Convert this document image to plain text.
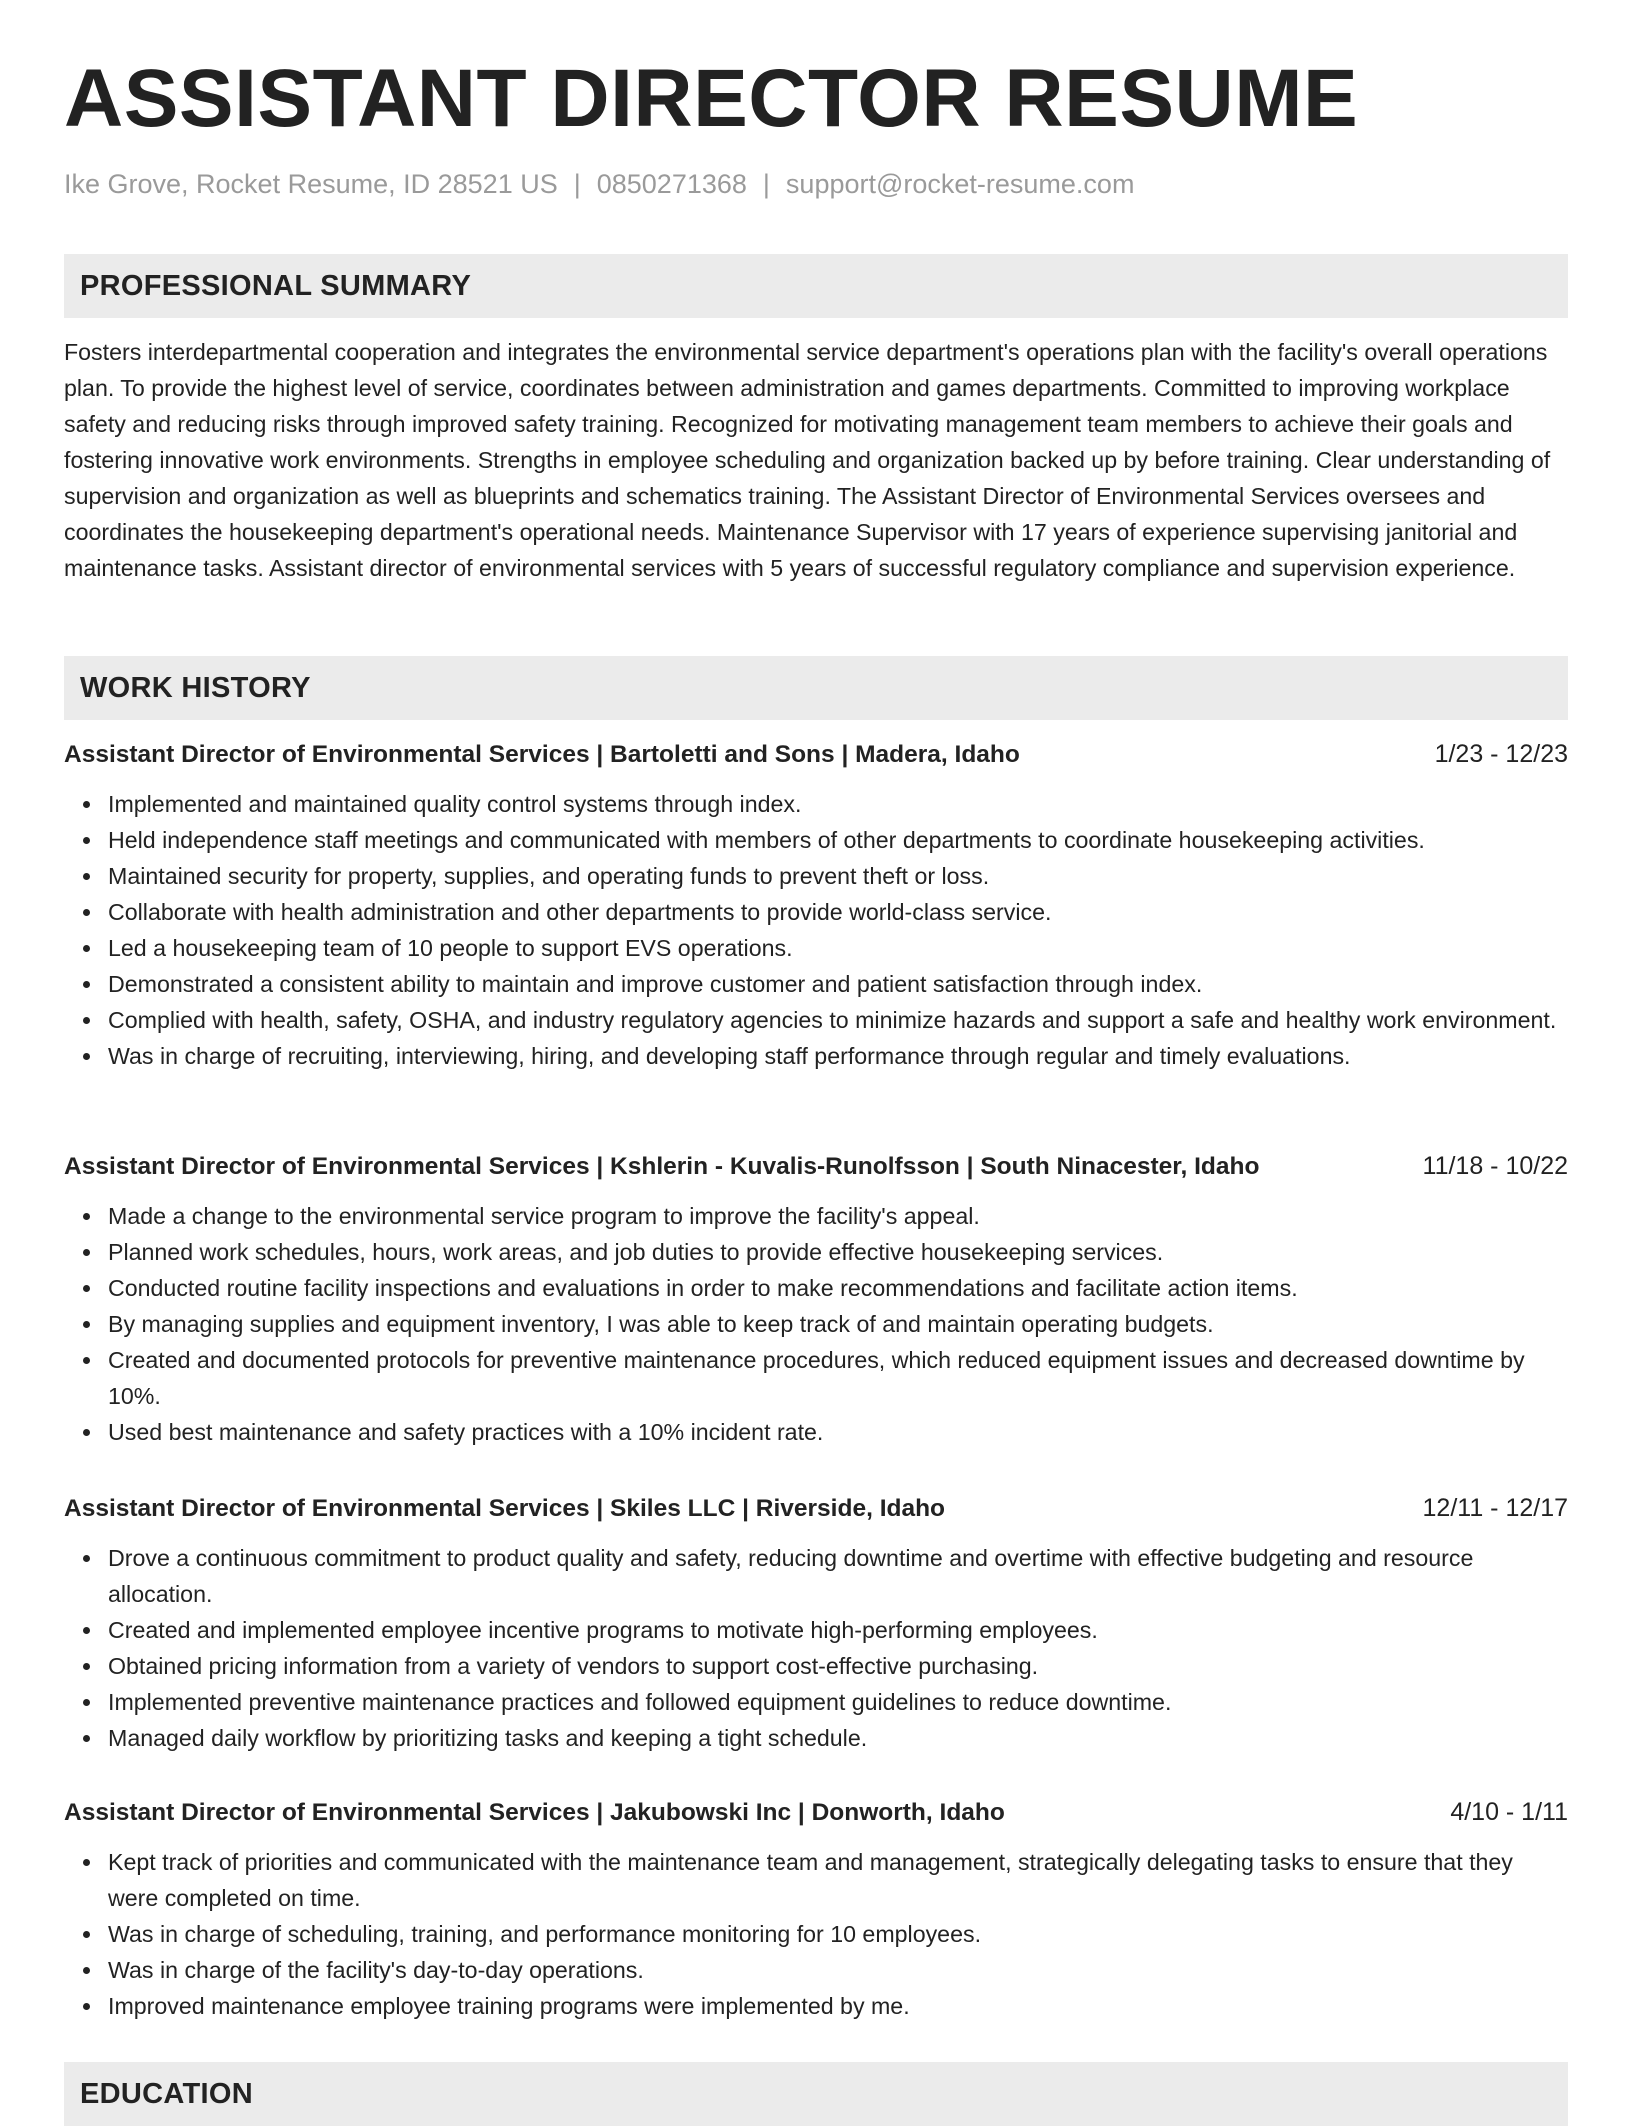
ASSISTANT DIRECTOR RESUME
Ike Grove, Rocket Resume, ID 28521 US | 0850271368 | support@rocket-resume.com
PROFESSIONAL SUMMARY

Fosters interdepartmental cooperation and integrates the environmental service department's operations plan with the facility's overall operations plan. To provide the highest level of service, coordinates between administration and games departments. Committed to improving workplace safety and reducing risks through improved safety training. Recognized for motivating management team members to achieve their goals and fostering innovative work environments. Strengths in employee scheduling and organization backed up by before training. Clear understanding of supervision and organization as well as blueprints and schematics training. The Assistant Director of Environmental Services oversees and coordinates the housekeeping department's operational needs. Maintenance Supervisor with 17 years of experience supervising janitorial and maintenance tasks. Assistant director of environmental services with 5 years of successful regulatory compliance and supervision experience.

WORK HISTORY
Assistant Director of Environmental Services | Bartoletti and Sons | Madera, Idaho	1/23 - 12/23
Implemented and maintained quality control systems through index.
Held independence staff meetings and communicated with members of other departments to coordinate housekeeping activities.
Maintained security for property, supplies, and operating funds to prevent theft or loss.
Collaborate with health administration and other departments to provide world-class service.
Led a housekeeping team of 10 people to support EVS operations.
Demonstrated a consistent ability to maintain and improve customer and patient satisfaction through index.
Complied with health, safety, OSHA, and industry regulatory agencies to minimize hazards and support a safe and healthy work environment.
Was in charge of recruiting, interviewing, hiring, and developing staff performance through regular and timely evaluations.
Assistant Director of Environmental Services | Kshlerin - Kuvalis-Runolfsson | South Ninacester, Idaho	11/18 - 10/22
Made a change to the environmental service program to improve the facility's appeal.
Planned work schedules, hours, work areas, and job duties to provide effective housekeeping services.
Conducted routine facility inspections and evaluations in order to make recommendations and facilitate action items.
By managing supplies and equipment inventory, I was able to keep track of and maintain operating budgets.
Created and documented protocols for preventive maintenance procedures, which reduced equipment issues and decreased downtime by 10%.
Used best maintenance and safety practices with a 10% incident rate.
Assistant Director of Environmental Services | Skiles LLC | Riverside, Idaho	12/11 - 12/17
Drove a continuous commitment to product quality and safety, reducing downtime and overtime with effective budgeting and resource allocation.
Created and implemented employee incentive programs to motivate high-performing employees.
Obtained pricing information from a variety of vendors to support cost-effective purchasing.
Implemented preventive maintenance practices and followed equipment guidelines to reduce downtime.
Managed daily workflow by prioritizing tasks and keeping a tight schedule.
Assistant Director of Environmental Services | Jakubowski Inc | Donworth, Idaho	4/10 - 1/11
Kept track of priorities and communicated with the maintenance team and management, strategically delegating tasks to ensure that they were completed on time.
Was in charge of scheduling, training, and performance monitoring for 10 employees.
Was in charge of the facility's day-to-day operations.
Improved maintenance employee training programs were implemented by me.
EDUCATION
